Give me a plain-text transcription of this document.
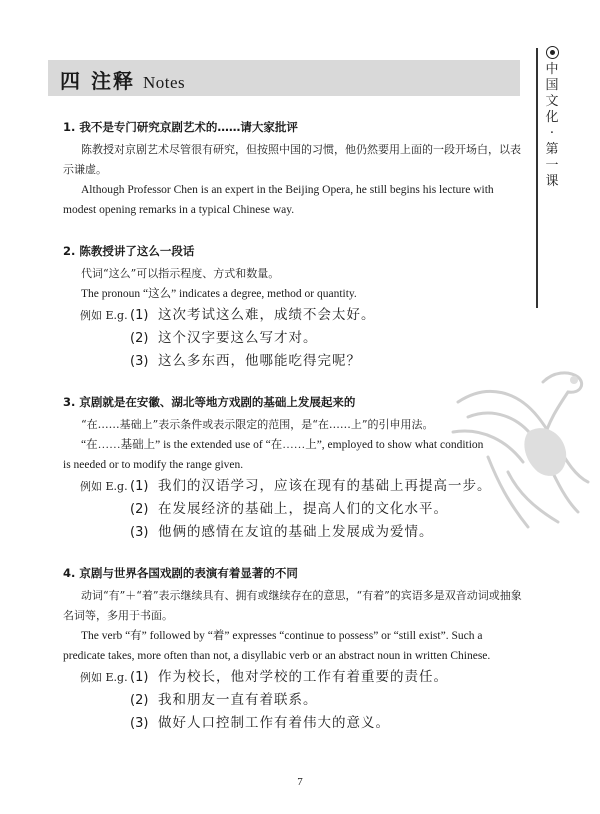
四 注释 Notes
中
国
文
化
·
第
一
课

1. 我不是专门研究京剧艺术的……请大家批评

陈教授对京剧艺术尽管很有研究，但按照中国的习惯，他仍然要用上面的一段开场白，以表示谦虚。

Although Professor Chen is an expert in the Beijing Opera, he still begins his lecture with modest opening remarks in a typical Chinese way.

2. 陈教授讲了这么一段话

代词“这么”可以指示程度、方式和数量。

The pronoun “这么” indicates a degree, method or quantity.

例如 E.g. (1) 这次考试这么难，成绩不会太好。
(2) 这个汉字要这么写才对。
(3) 这么多东西，他哪能吃得完呢？

3. 京剧就是在安徽、湖北等地方戏剧的基础上发展起来的

“在……基础上”表示条件或表示限定的范围，是“在……上”的引申用法。

“在……基础上” is the extended use of “在……上”, employed to show what condition is needed or to modify the range given.

例如 E.g. (1) 我们的汉语学习，应该在现有的基础上再提高一步。
(2) 在发展经济的基础上，提高人们的文化水平。
(3) 他俩的感情在友谊的基础上发展成为爱情。

4. 京剧与世界各国戏剧的表演有着显著的不同

动词“有”＋“着”表示继续具有、拥有或继续存在的意思，“有着”的宾语多是双音动词或抽象名词等，多用于书面。

The verb “有” followed by “着” expresses “continue to possess” or “still exist”. Such a predicate takes, more often than not, a disyllabic verb or an abstract noun in written Chinese.

例如 E.g. (1) 作为校长，他对学校的工作有着重要的责任。
(2) 我和朋友一直有着联系。
(3) 做好人口控制工作有着伟大的意义。
7
